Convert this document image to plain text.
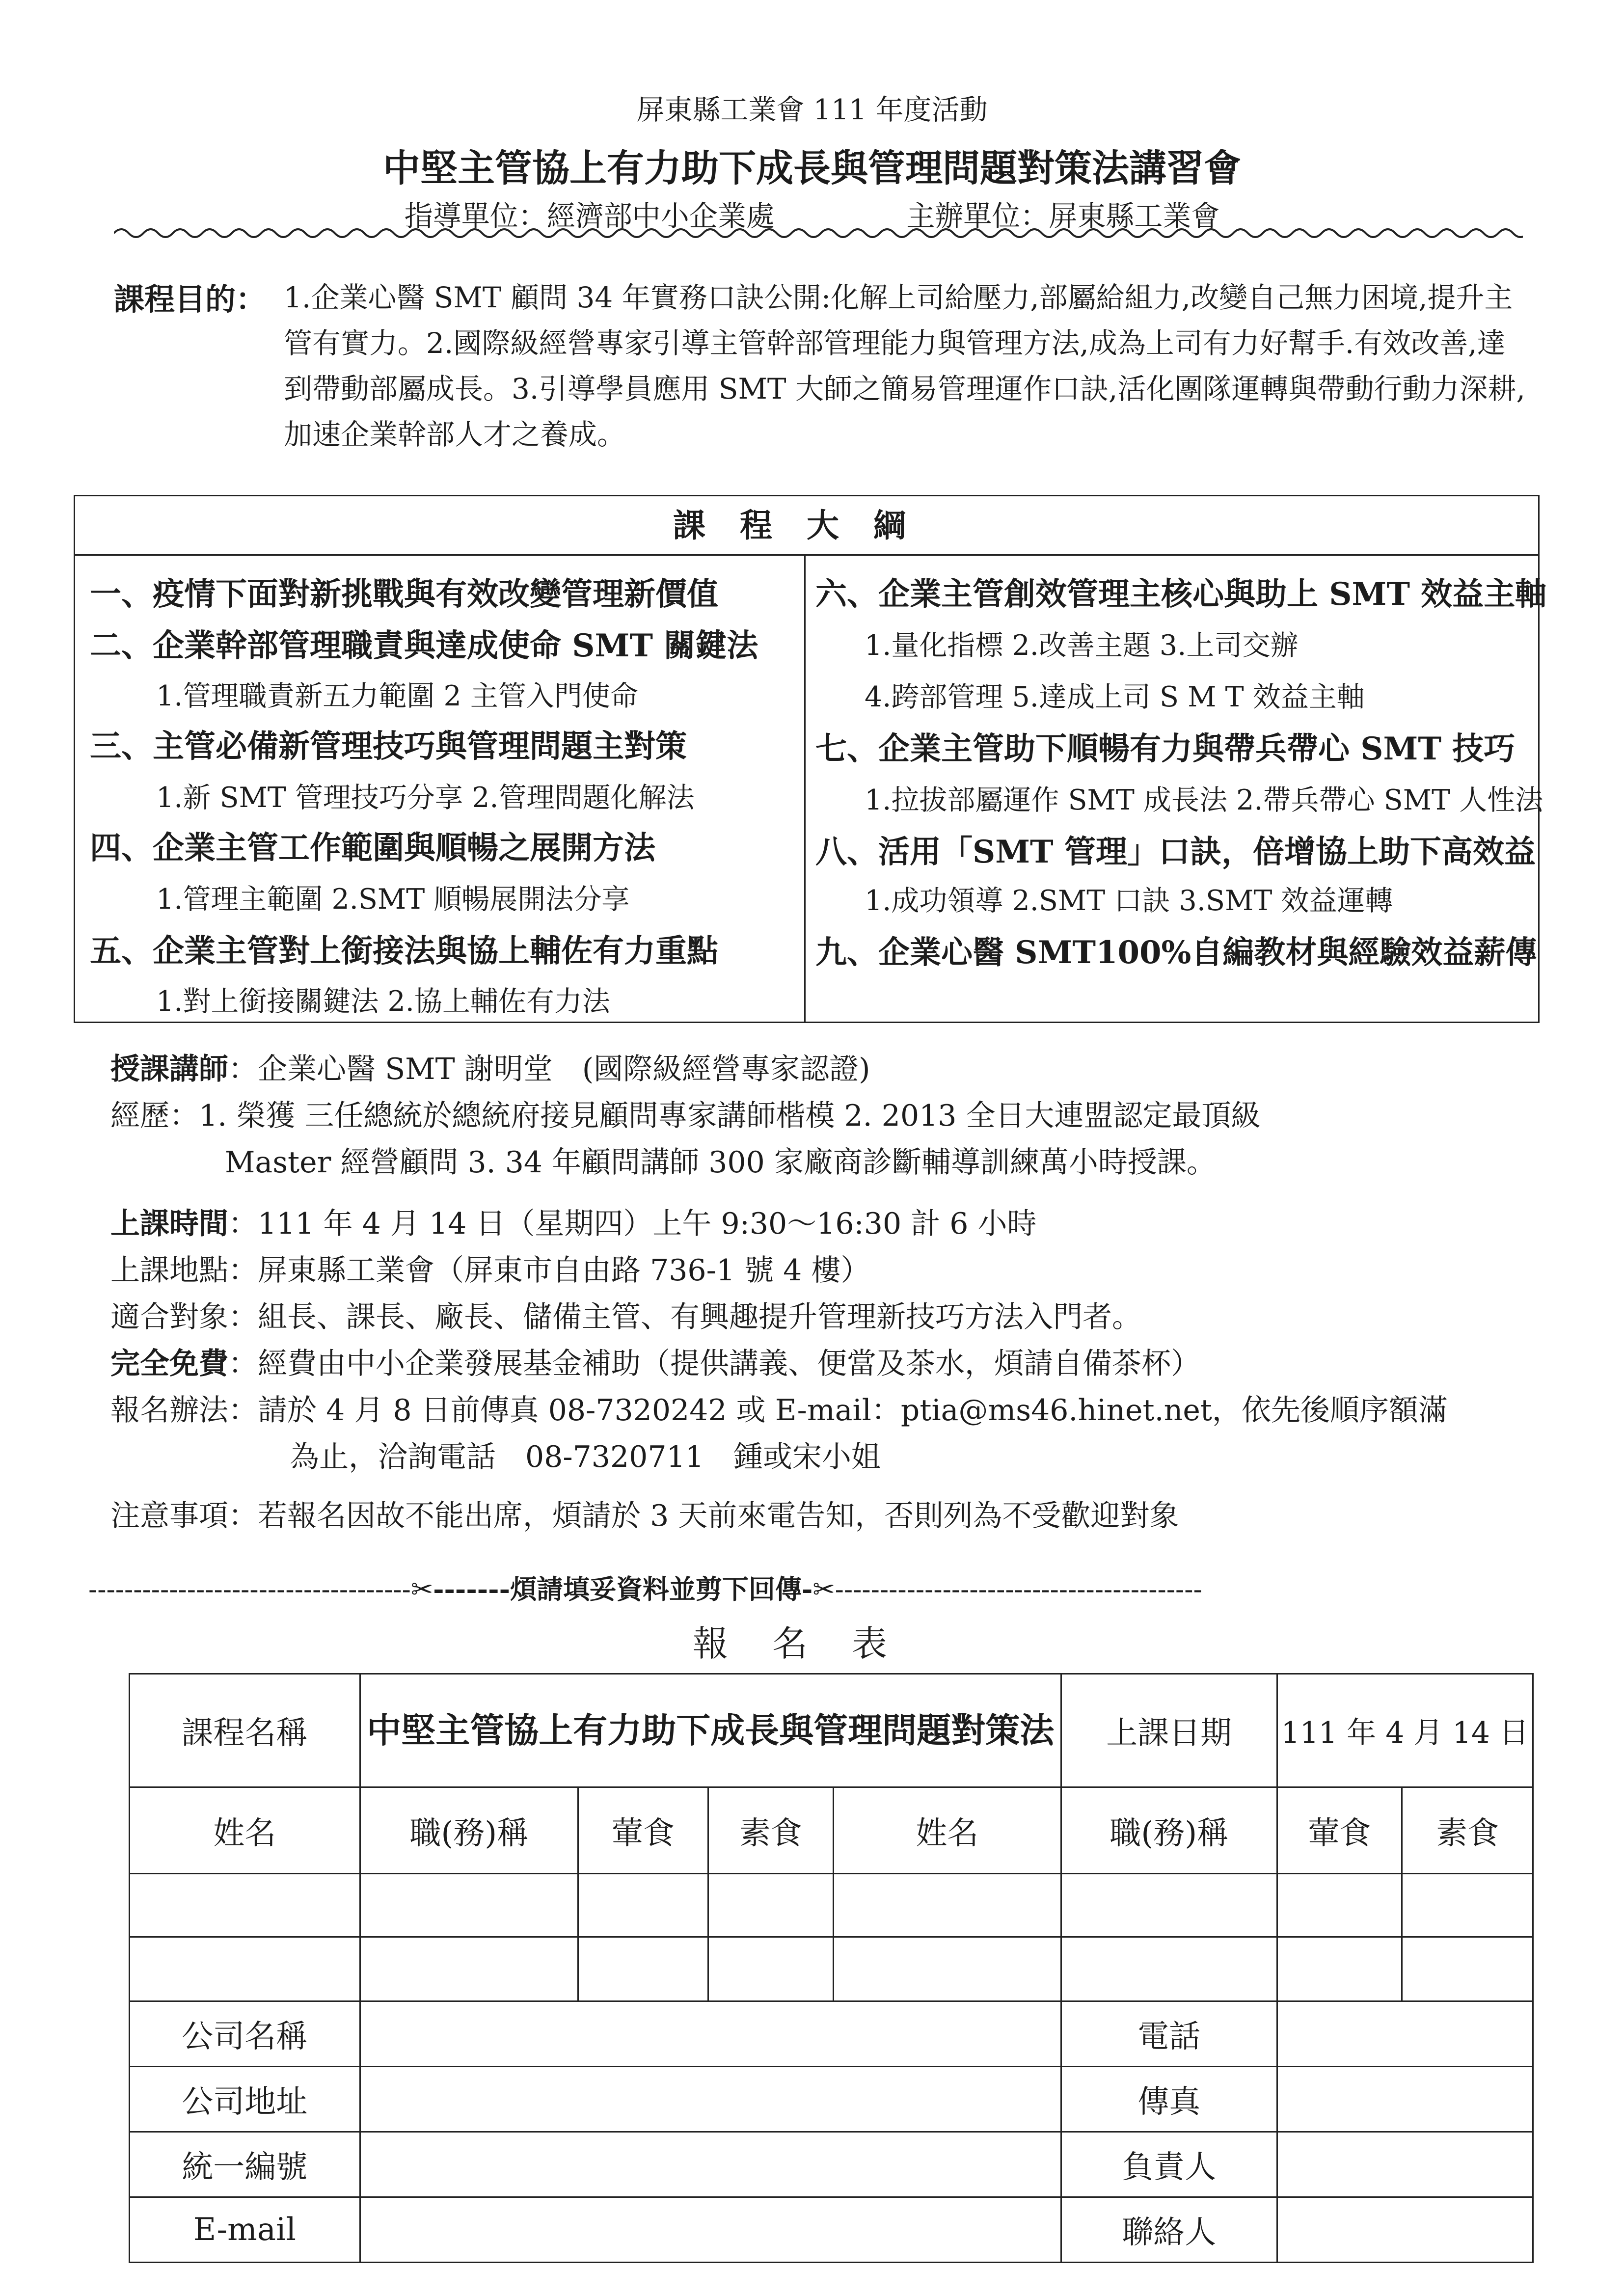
屏東縣工業會 111 年度活動
中堅主管協上有力助下成長與管理問題對策法講習會
指導單位：經濟部中小企業處	主辦單位：屏東縣工業會
課程目的： 1.企業心醫 SMT 顧問 34 年實務口訣公開:化解上司給壓力,部屬給組力,改變自己無力困境,提升主管有實力。2.國際級經營專家引導主管幹部管理能力與管理方法,成為上司有力好幫手.有效改善,達到帶動部屬成長。3.引導學員應用 SMT 大師之簡易管理運作口訣,活化團隊運轉與帶動行動力深耕,加速企業幹部人才之養成。
課程大綱
一、疫情下面對新挑戰與有效改變管理新價值
二、企業幹部管理職責與達成使命 SMT 關鍵法
1.管理職責新五力範圍 2 主管入門使命
三、主管必備新管理技巧與管理問題主對策
1.新 SMT 管理技巧分享 2.管理問題化解法
四、企業主管工作範圍與順暢之展開方法
1.管理主範圍 2.SMT 順暢展開法分享
五、企業主管對上銜接法與協上輔佐有力重點
1.對上銜接關鍵法 2.協上輔佐有力法
六、企業主管創效管理主核心與助上 SMT 效益主軸
1.量化指標 2.改善主題 3.上司交辦
4.跨部管理 5.達成上司 S M T 效益主軸
七、企業主管助下順暢有力與帶兵帶心 SMT 技巧
1.拉拔部屬運作 SMT 成長法 2.帶兵帶心 SMT 人性法
八、活用「SMT 管理」口訣，倍增協上助下高效益
1.成功領導 2.SMT 口訣 3.SMT 效益運轉
九、企業心醫 SMT100%自編教材與經驗效益薪傳
授課講師：企業心醫 SMT 謝明堂　(國際級經營專家認證)
經歷：1. 榮獲 三任總統於總統府接見顧問專家講師楷模 2. 2013 全日大連盟認定最頂級
Master 經營顧問 3. 34 年顧問講師 300 家廠商診斷輔導訓練萬小時授課。
上課時間：111 年 4 月 14 日（星期四）上午 9:30～16:30 計 6 小時
上課地點：屏東縣工業會（屏東市自由路 736-1 號 4 樓）
適合對象：組長、課長、廠長、儲備主管、有興趣提升管理新技巧方法入門者。
完全免費：經費由中小企業發展基金補助（提供講義、便當及茶水，煩請自備茶杯）
報名辦法：請於 4 月 8 日前傳真 08-7320242 或 E-mail：ptia@ms46.hinet.net，依先後順序額滿
為止，洽詢電話　08-7320711　鍾或宋小姐
注意事項：若報名因故不能出席，煩請於 3 天前來電告知，否則列為不受歡迎對象
------------------------------------✂-------煩請填妥資料並剪下回傳-✂-----------------------------------------
報名表
課程名稱	中堅主管協上有力助下成長與管理問題對策法				上課日期	111 年 4 月 14 日	
姓名	職(務)稱	葷食	素食	姓名	職(務)稱	葷食	素食

公司名稱					電話		
公司地址					傳真		
統一編號					負責人		
E-mail					聯絡人		
